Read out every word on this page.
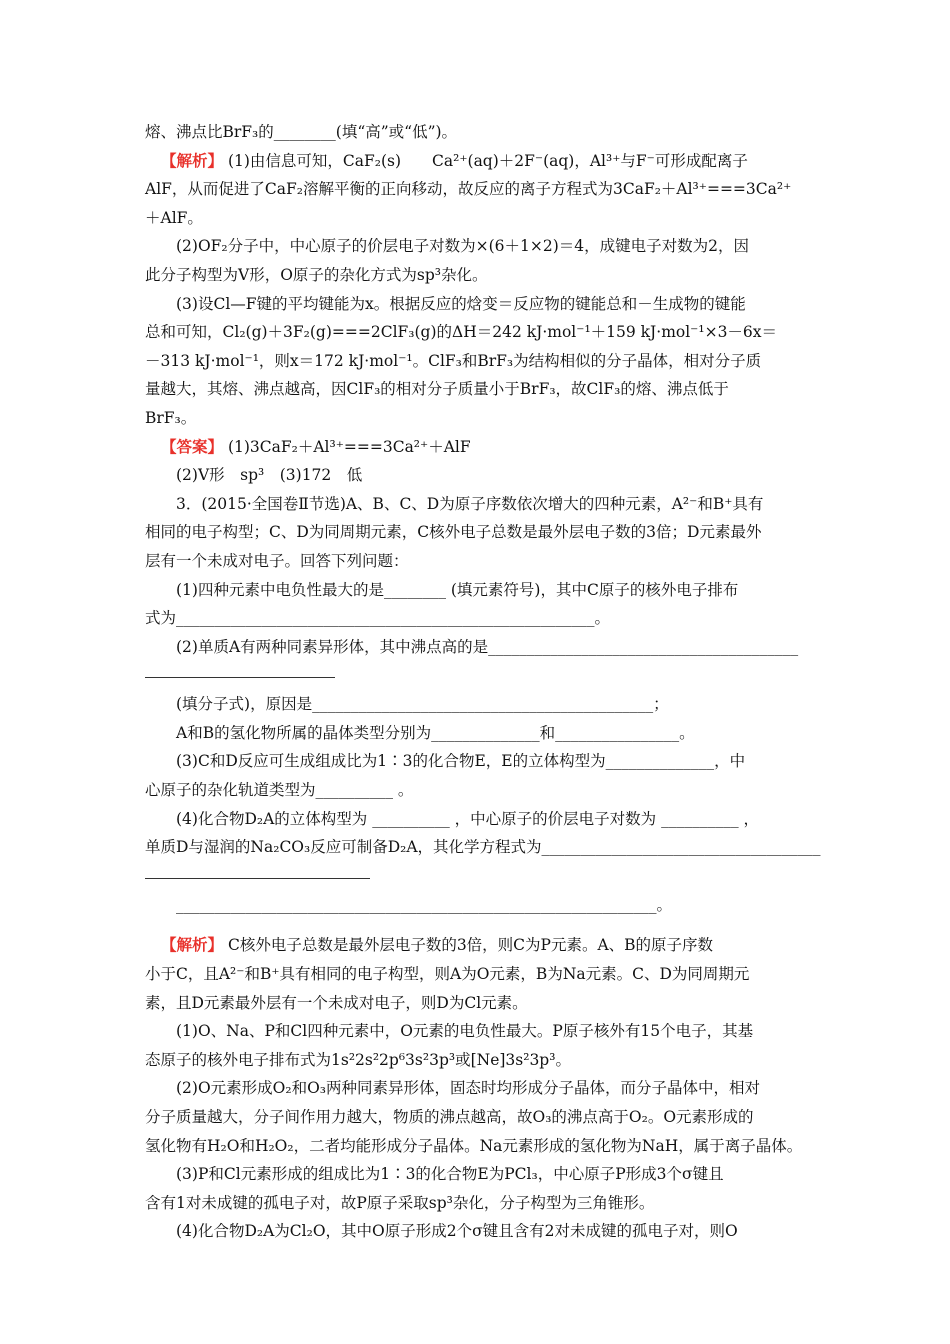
熔、沸点比BrF₃的________(填“高”或“低”)。
【解析】 (1)由信息可知，CaF₂(s)　　Ca²⁺(aq)＋2F⁻(aq)，Al³⁺与F⁻可形成配离子
AlF，从而促进了CaF₂溶解平衡的正向移动，故反应的离子方程式为3CaF₂＋Al³⁺===3Ca²⁺
＋AlF。
(2)OF₂分子中，中心原子的价层电子对数为×(6＋1×2)＝4，成键电子对数为2，因
此分子构型为V形，O原子的杂化方式为sp³杂化。
(3)设Cl—F键的平均键能为x。根据反应的焓变＝反应物的键能总和－生成物的键能
总和可知，Cl₂(g)＋3F₂(g)===2ClF₃(g)的ΔH＝242 kJ·mol⁻¹＋159 kJ·mol⁻¹×3－6x＝
－313 kJ·mol⁻¹，则x＝172 kJ·mol⁻¹。ClF₃和BrF₃为结构相似的分子晶体，相对分子质
量越大，其熔、沸点越高，因ClF₃的相对分子质量小于BrF₃，故ClF₃的熔、沸点低于
BrF₃。
【答案】 (1)3CaF₂＋Al³⁺===3Ca²⁺＋AlF
(2)V形　sp³　(3)172　低
3．(2015·全国卷Ⅱ节选)A、B、C、D为原子序数依次增大的四种元素，A²⁻和B⁺具有
相同的电子构型；C、D为同周期元素，C核外电子总数是最外层电子数的3倍；D元素最外
层有一个未成对电子。回答下列问题：
(1)四种元素中电负性最大的是________ (填元素符号)，其中C原子的核外电子排布
式为______________________________________________________。
(2)单质A有两种同素异形体，其中沸点高的是________________________________________
(填分子式)，原因是____________________________________________；
A和B的氢化物所属的晶体类型分别为______________和________________。
(3)C和D反应可生成组成比为1∶3的化合物E，E的立体构型为______________，中
心原子的杂化轨道类型为__________ 。
(4)化合物D₂A的立体构型为 __________ ，中心原子的价层电子对数为 __________ ，
单质D与湿润的Na₂CO₃反应可制备D₂A，其化学方程式为____________________________________
______________________________________________________________。
【解析】 C核外电子总数是最外层电子数的3倍，则C为P元素。A、B的原子序数
小于C，且A²⁻和B⁺具有相同的电子构型，则A为O元素，B为Na元素。C、D为同周期元
素，且D元素最外层有一个未成对电子，则D为Cl元素。
(1)O、Na、P和Cl四种元素中，O元素的电负性最大。P原子核外有15个电子，其基
态原子的核外电子排布式为1s²2s²2p⁶3s²3p³或[Ne]3s²3p³。
(2)O元素形成O₂和O₃两种同素异形体，固态时均形成分子晶体，而分子晶体中，相对
分子质量越大，分子间作用力越大，物质的沸点越高，故O₃的沸点高于O₂。O元素形成的
氢化物有H₂O和H₂O₂，二者均能形成分子晶体。Na元素形成的氢化物为NaH，属于离子晶体。
(3)P和Cl元素形成的组成比为1∶3的化合物E为PCl₃，中心原子P形成3个σ键且
含有1对未成键的孤电子对，故P原子采取sp³杂化，分子构型为三角锥形。
(4)化合物D₂A为Cl₂O，其中O原子形成2个σ键且含有2对未成键的孤电子对，则O
